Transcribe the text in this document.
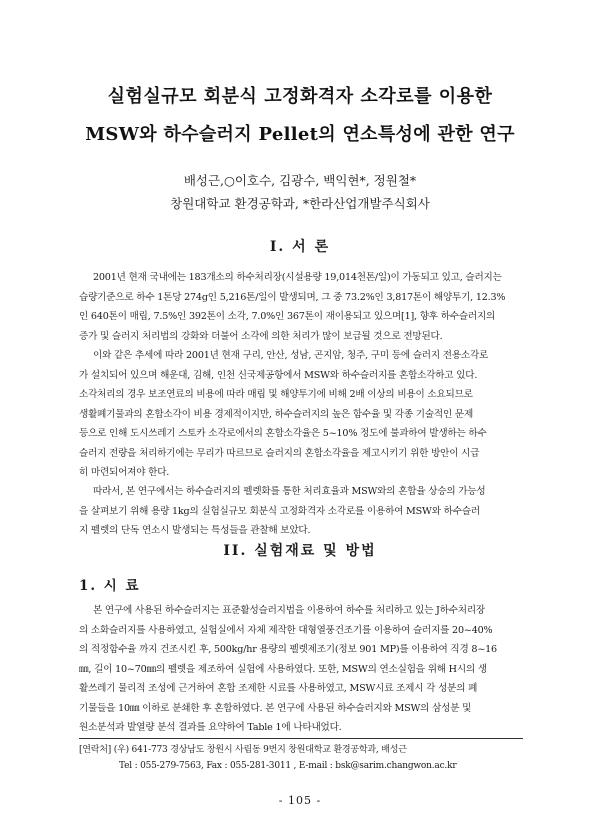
실험실규모 회분식 고정화격자 소각로를 이용한
MSW와 하수슬러지 Pellet의 연소특성에 관한 연구
배성근,○이호수, 김광수, 백익현*, 정원철*
창원대학교 환경공학과, *한라산업개발주식회사
I. 서 론
2001년 현재 국내에는 183개소의 하수처리장(시설용량 19,014천톤/일)이 가동되고 있고, 슬러지는
습량기준으로 하수 1톤당 274g인 5,216톤/일이 발생되며, 그 중 73.2%인 3,817톤이 해양투기, 12.3%
인 640톤이 매립, 7.5%인 392톤이 소각, 7.0%인 367톤이 재이용되고 있으며[1], 향후 하수슬러지의
증가 및 슬러지 처리법의 강화와 더불어 소각에 의한 처리가 많이 보급될 것으로 전망된다.
이와 같은 추세에 따라 2001년 현재 구리, 안산, 성남, 곤지암, 청주, 구미 등에 슬러지 전용소각로
가 설치되어 있으며 해운대, 김해, 인천 신국제공항에서 MSW와 하수슬러지를 혼합소각하고 있다.
소각처리의 경우 보조연료의 비용에 따라 매립 및 해양투기에 비해 2배 이상의 비용이 소요되므로
생활폐기물과의 혼합소각이 비용 경제적이지만, 하수슬러지의 높은 함수율 및 각종 기술적인 문제
등으로 인해 도시쓰레기 스토카 소각로에서의 혼합소각율은 5~10% 정도에 불과하여 발생하는 하수
슬러지 전량을 처리하기에는 무리가 따르므로 슬러지의 혼합소각율을 제고시키기 위한 방안이 시급
히 마련되어져야 한다.
따라서, 본 연구에서는 하수슬러지의 펠렛화를 통한 처리효율과 MSW와의 혼합율 상승의 가능성
을 살펴보기 위해 용량 1kg의 실험실규모 회분식 고정화격자 소각로를 이용하여 MSW와 하수슬러
지 펠렛의 단독 연소시 발생되는 특성들을 관찰해 보았다.
II. 실험재료 및 방법
1. 시 료
본 연구에 사용된 하수슬러지는 표준활성슬러지법을 이용하여 하수를 처리하고 있는 J하수처리장
의 소화슬러지를 사용하였고, 실험실에서 자체 제작한 대형열풍건조기를 이용하여 슬러지를 20~40%
의 적정함수율 까지 건조시킨 후, 500kg/hr 용량의 펠렛제조기(정보 901 MP)를 이용하여 직경 8~16
㎜, 길이 10~70㎜의 펠렛을 제조하여 실험에 사용하였다. 또한, MSW의 연소실험을 위해 H시의 생
활쓰레기 물리적 조성에 근거하여 혼합 조제한 시료를 사용하였고, MSW시료 조제시 각 성분의 폐
기물들을 10㎜ 이하로 분쇄한 후 혼합하였다. 본 연구에 사용된 하수슬러지와 MSW의 삼성분 및
원소분석과 발열량 분석 결과를 요약하여 Table 1에 나타내었다.
[연락처] (우) 641-773 경상남도 창원시 사림동 9번지 창원대학교 환경공학과, 배성근
Tel : 055-279-7563, Fax : 055-281-3011 , E-mail : bsk@sarim.changwon.ac.kr
- 105 -
